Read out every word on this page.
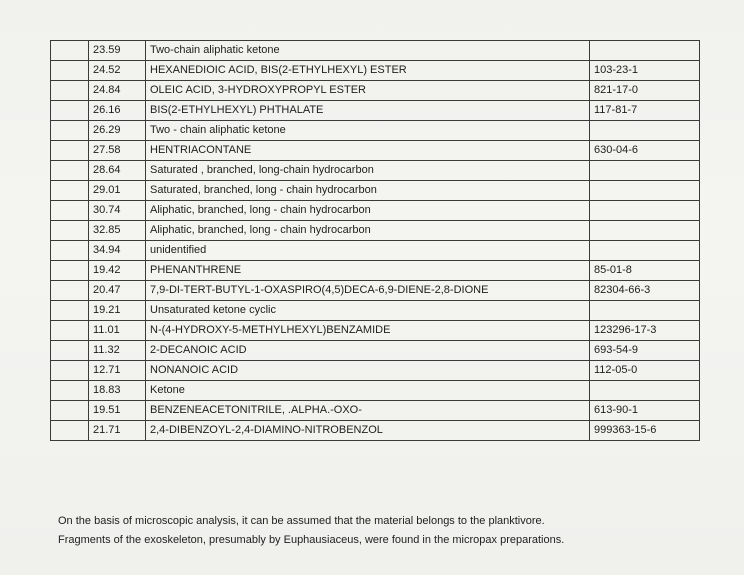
	23.59	Two-chain aliphatic ketone	
	24.52	HEXANEDIOIC ACID, BIS(2-ETHYLHEXYL) ESTER	103-23-1
	24.84	OLEIC ACID, 3-HYDROXYPROPYL ESTER	821-17-0
	26.16	BIS(2-ETHYLHEXYL) PHTHALATE	117-81-7
	26.29	Two - chain aliphatic ketone	
	27.58	HENTRIACONTANE	630-04-6
	28.64	Saturated , branched, long-chain hydrocarbon	
	29.01	Saturated, branched, long - chain hydrocarbon	
	30.74	Aliphatic, branched, long - chain hydrocarbon	
	32.85	Aliphatic, branched, long - chain hydrocarbon	
	34.94	unidentified	
	19.42	PHENANTHRENE	85-01-8
	20.47	7,9-DI-TERT-BUTYL-1-OXASPIRO(4,5)DECA-6,9-DIENE-2,8-DIONE	82304-66-3
	19.21	Unsaturated ketone cyclic	
	11.01	N-(4-HYDROXY-5-METHYLHEXYL)BENZAMIDE	123296-17-3
	11.32	2-DECANOIC ACID	693-54-9
	12.71	NONANOIC ACID	112-05-0
	18.83	Ketone	
	19.51	BENZENEACETONITRILE, .ALPHA.-OXO-	613-90-1
	21.71	2,4-DIBENZOYL-2,4-DIAMINO-NITROBENZOL	999363-15-6

On the basis of microscopic analysis, it can be assumed that the material belongs to the planktivore.

Fragments of the exoskeleton, presumably by Euphausiaceus, were found in the micropax preparations.
